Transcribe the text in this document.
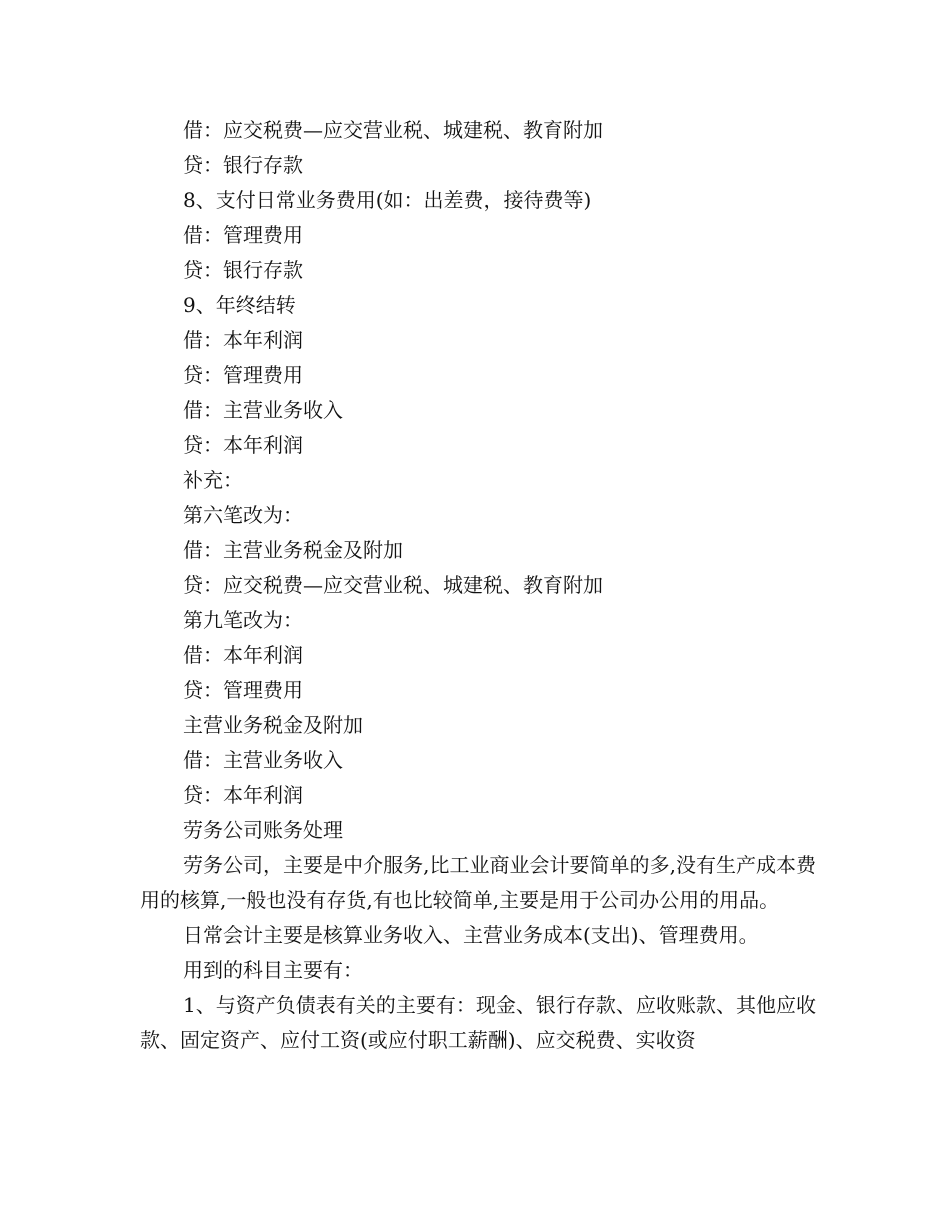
借：应交税费—应交营业税、城建税、教育附加

贷：银行存款

8、支付日常业务费用(如：出差费，接待费等)

借：管理费用

贷：银行存款

9、年终结转

借：本年利润

贷：管理费用

借：主营业务收入

贷：本年利润

补充：

第六笔改为：

借：主营业务税金及附加

贷：应交税费—应交营业税、城建税、教育附加

第九笔改为：

借：本年利润

贷：管理费用

主营业务税金及附加

借：主营业务收入

贷：本年利润

劳务公司账务处理

劳务公司，主要是中介服务,比工业商业会计要简单的多,没有生产成本费用的核算,一般也没有存货,有也比较简单,主要是用于公司办公用的用品。

日常会计主要是核算业务收入、主营业务成本(支出)、管理费用。

用到的科目主要有：

1、与资产负债表有关的主要有：现金、银行存款、应收账款、其他应收款、固定资产、应付工资(或应付职工薪酬)、应交税费、实收资
